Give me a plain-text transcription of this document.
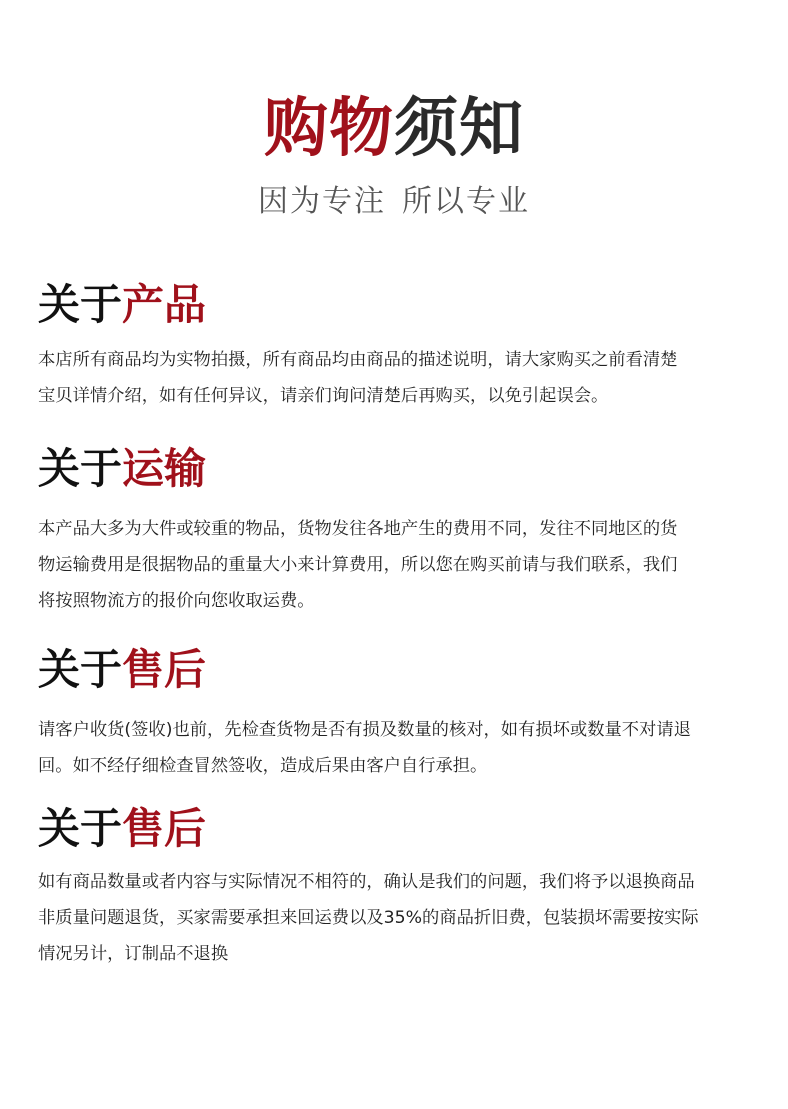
购物须知

因为专注 所以专业

关于产品
本店所有商品均为实物拍摄，所有商品均由商品的描述说明，请大家购买之前看清楚
宝贝详情介绍，如有任何异议，请亲们询问清楚后再购买，以免引起误会。
关于运输
本产品大多为大件或较重的物品，货物发往各地产生的费用不同，发往不同地区的货
物运输费用是很据物品的重量大小来计算费用，所以您在购买前请与我们联系，我们
将按照物流方的报价向您收取运费。
关于售后
请客户收货(签收)也前，先检查货物是否有损及数量的核对，如有损坏或数量不对请退
回。如不经仔细检查冒然签收，造成后果由客户自行承担。
关于售后
如有商品数量或者内容与实际情况不相符的，确认是我们的问题，我们将予以退换商品
非质量问题退货，买家需要承担来回运费以及35%的商品折旧费，包装损坏需要按实际
情况另计，订制品不退换
